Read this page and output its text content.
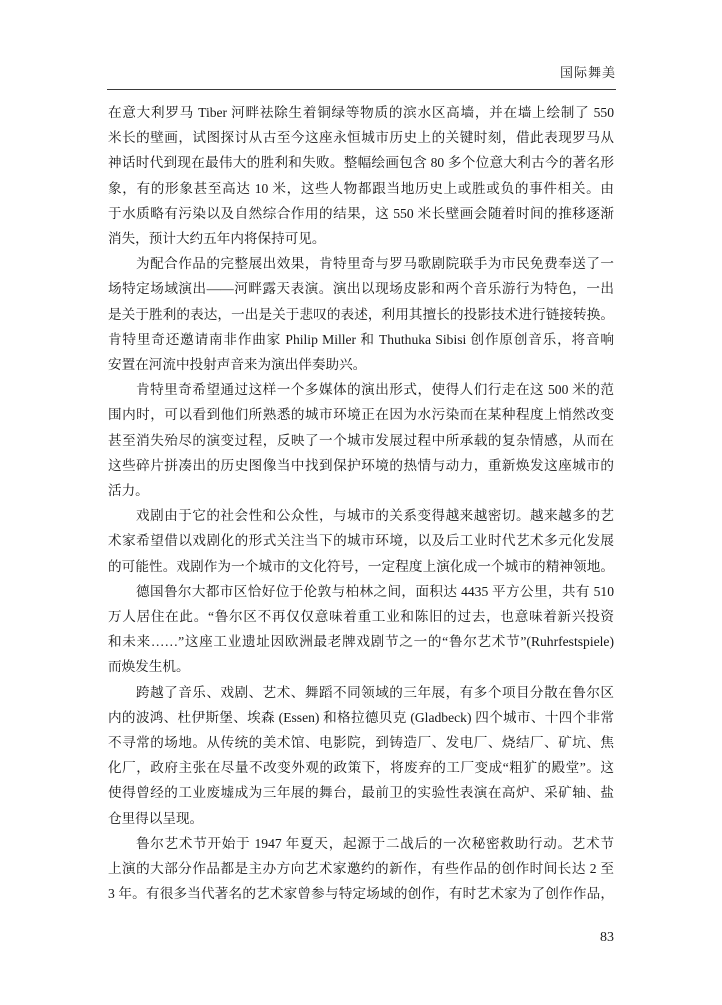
国际舞美
在意大利罗马 Tiber 河畔祛除生着铜绿等物质的滨水区高墙，并在墙上绘制了 550
米长的壁画，试图探讨从古至今这座永恒城市历史上的关键时刻，借此表现罗马从
神话时代到现在最伟大的胜利和失败。整幅绘画包含 80 多个位意大利古今的著名形
象，有的形象甚至高达 10 米，这些人物都跟当地历史上或胜或负的事件相关。由
于水质略有污染以及自然综合作用的结果，这 550 米长壁画会随着时间的推移逐渐
消失，预计大约五年内将保持可见。
为配合作品的完整展出效果，肯特里奇与罗马歌剧院联手为市民免费奉送了一
场特定场域演出——河畔露天表演。演出以现场皮影和两个音乐游行为特色，一出
是关于胜利的表达，一出是关于悲叹的表述，利用其擅长的投影技术进行链接转换。
肯特里奇还邀请南非作曲家 Philip Miller 和 Thuthuka Sibisi 创作原创音乐，将音响
安置在河流中投射声音来为演出伴奏助兴。
肯特里奇希望通过这样一个多媒体的演出形式，使得人们行走在这 500 米的范
围内时，可以看到他们所熟悉的城市环境正在因为水污染而在某种程度上悄然改变
甚至消失殆尽的演变过程，反映了一个城市发展过程中所承载的复杂情感，从而在
这些碎片拼凑出的历史图像当中找到保护环境的热情与动力，重新焕发这座城市的
活力。
戏剧由于它的社会性和公众性，与城市的关系变得越来越密切。越来越多的艺
术家希望借以戏剧化的形式关注当下的城市环境，以及后工业时代艺术多元化发展
的可能性。戏剧作为一个城市的文化符号，一定程度上演化成一个城市的精神领地。
德国鲁尔大都市区恰好位于伦敦与柏林之间，面积达 4435 平方公里，共有 510
万人居住在此。“鲁尔区不再仅仅意味着重工业和陈旧的过去，也意味着新兴投资
和未来……”这座工业遗址因欧洲最老牌戏剧节之一的“鲁尔艺术节”(Ruhrfestspiele)
而焕发生机。
跨越了音乐、戏剧、艺术、舞蹈不同领域的三年展，有多个项目分散在鲁尔区
内的波鸿、杜伊斯堡、埃森 (Essen) 和格拉德贝克 (Gladbeck) 四个城市、十四个非常
不寻常的场地。从传统的美术馆、电影院，到铸造厂、发电厂、烧结厂、矿坑、焦
化厂，政府主张在尽量不改变外观的政策下，将废弃的工厂变成“粗犷的殿堂”。这
使得曾经的工业废墟成为三年展的舞台，最前卫的实验性表演在高炉、采矿轴、盐
仓里得以呈现。
鲁尔艺术节开始于 1947 年夏天，起源于二战后的一次秘密救助行动。艺术节
上演的大部分作品都是主办方向艺术家邀约的新作，有些作品的创作时间长达 2 至
3 年。有很多当代著名的艺术家曾参与特定场域的创作，有时艺术家为了创作作品，
83
